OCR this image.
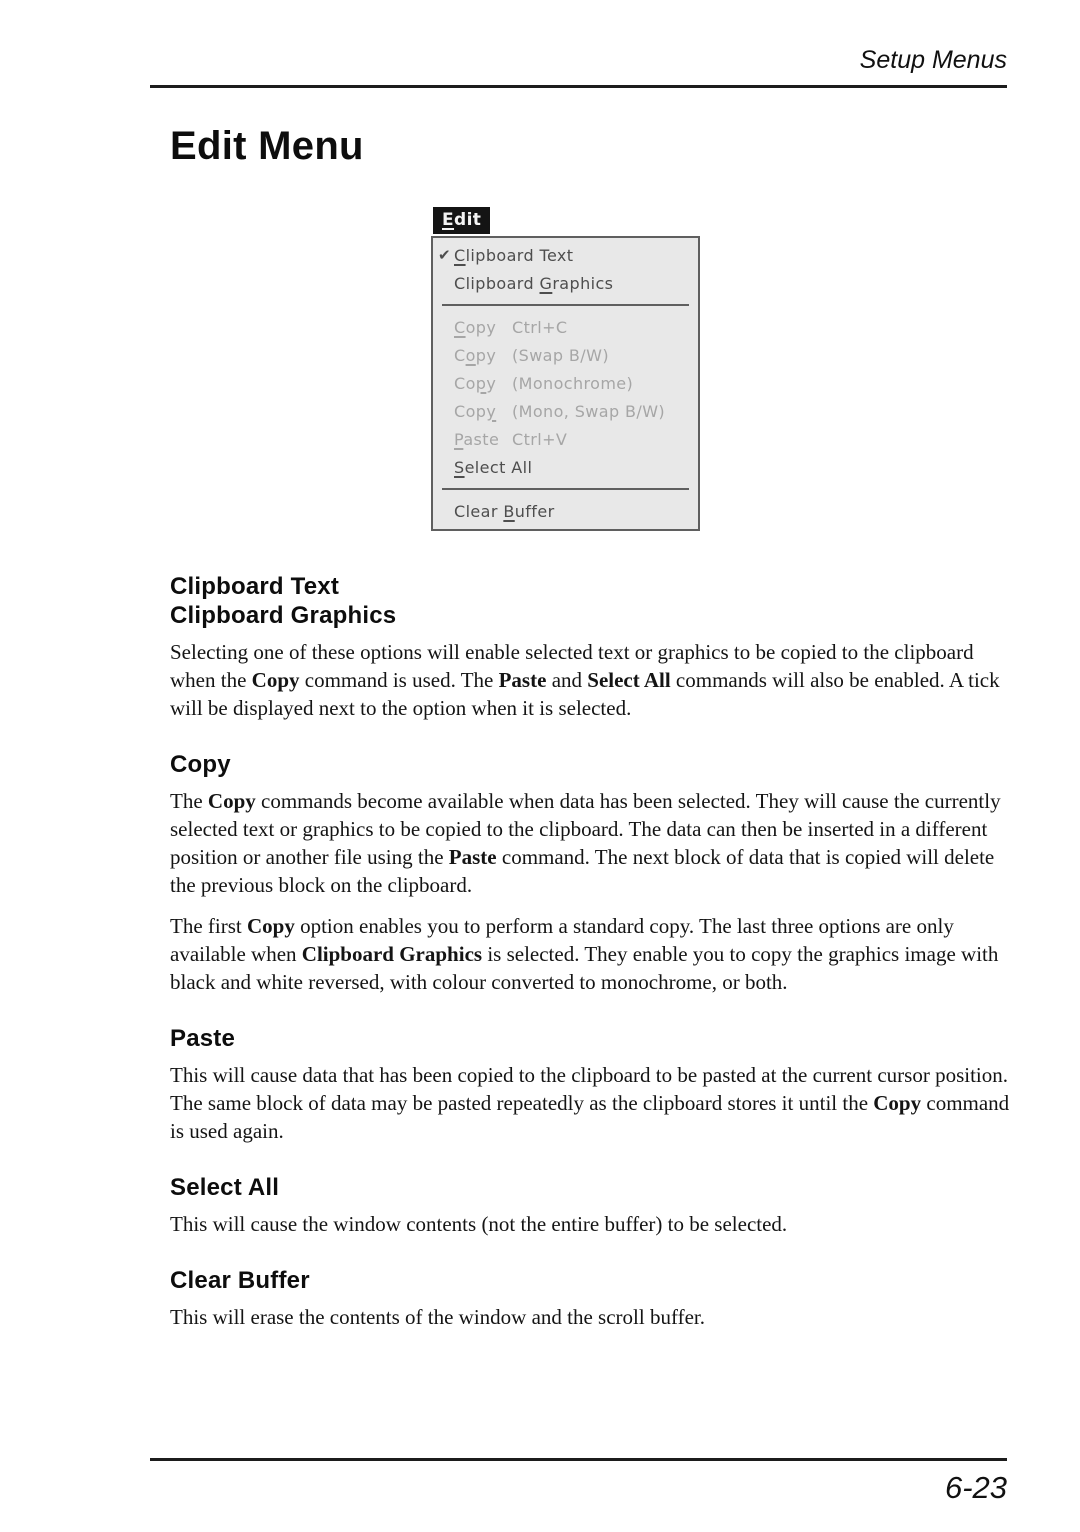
Setup Menus
Edit Menu
Edit
✔ Clipboard Text
Clipboard Graphics
Copy Ctrl+C
Copy (Swap B/W)
Copy (Monochrome)
Copy (Mono, Swap B/W)
Paste Ctrl+V
Select All
Clear Buffer
Clipboard Text
Clipboard Graphics

Selecting one of these options will enable selected text or graphics to be copied to the clipboard when the Copy command is used. The Paste and Select All commands will also be enabled. A tick will be displayed next to the option when it is selected.

Copy

The Copy commands become available when data has been selected. They will cause the currently selected text or graphics to be copied to the clipboard. The data can then be inserted in a different position or another file using the Paste command. The next block of data that is copied will delete the previous block on the clipboard.

The first Copy option enables you to perform a standard copy. The last three options are only available when Clipboard Graphics is selected. They enable you to copy the graphics image with black and white reversed, with colour converted to monochrome, or both.

Paste

This will cause data that has been copied to the clipboard to be pasted at the current cursor position. The same block of data may be pasted repeatedly as the clipboard stores it until the Copy command is used again.

Select All

This will cause the window contents (not the entire buffer) to be selected.

Clear Buffer

This will erase the contents of the window and the scroll buffer.

6-23
